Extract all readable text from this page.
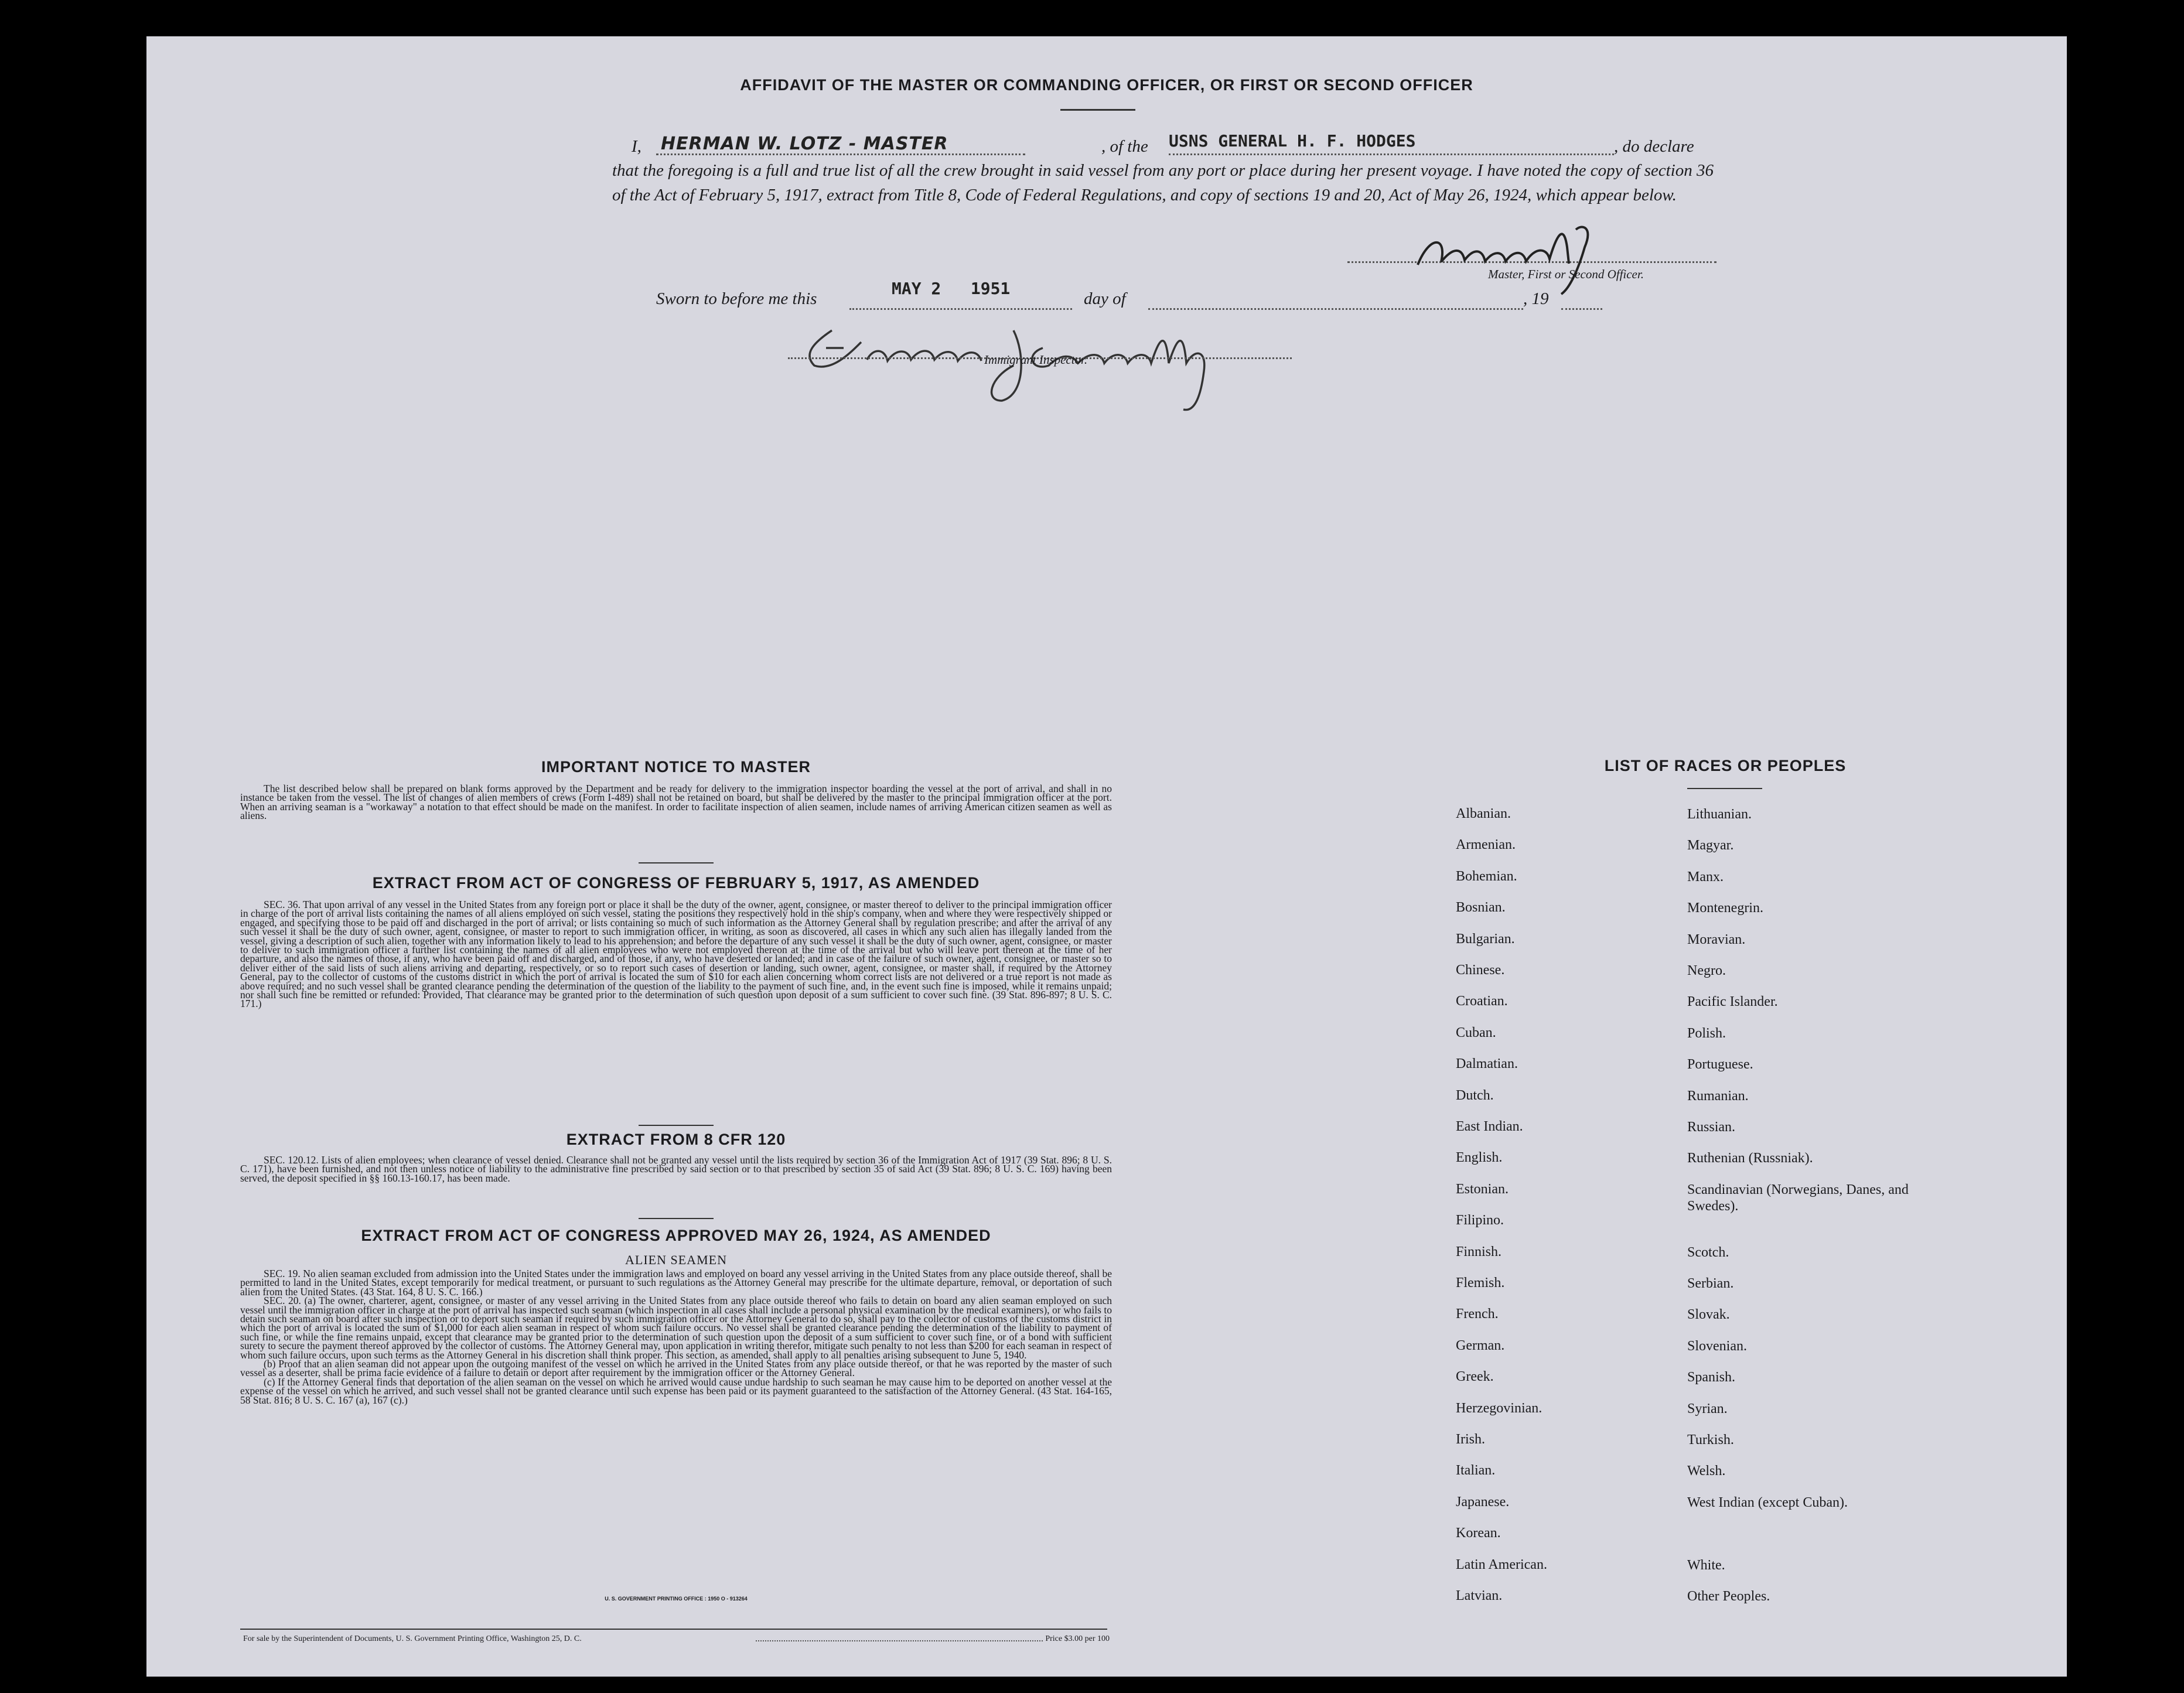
AFFIDAVIT OF THE MASTER OR COMMANDING OFFICER, OR FIRST OR SECOND OFFICER
I, HERMAN W. LOTZ - MASTER	, of the USNS GENERAL H. F. HODGES	, do declare
that the foregoing is a full and true list of all the crew brought in said vessel from any port or place during her present voyage. I have noted the copy of section 36 of the Act of February 5, 1917, extract from Title 8, Code of Federal Regulations, and copy of sections 19 and 20, Act of May 26, 1924, which appear below.
Master, First or Second Officer.
Sworn to before me this
MAY 2   1951
day of	, 19
Immigrant Inspector.
IMPORTANT NOTICE TO MASTER
The list described below shall be prepared on blank forms approved by the Department and be ready for delivery to the immigration inspector boarding the vessel at the port of arrival, and shall in no instance be taken from the vessel. The list of changes of alien members of crews (Form I-489) shall not be retained on board, but shall be delivered by the master to the principal immigration officer at the port. When an arriving seaman is a "workaway" a notation to that effect should be made on the manifest. In order to facilitate inspection of alien seamen, include names of arriving American citizen seamen as well as aliens.
EXTRACT FROM ACT OF CONGRESS OF FEBRUARY 5, 1917, AS AMENDED
SEC. 36. That upon arrival of any vessel in the United States from any foreign port or place it shall be the duty of the owner, agent, consignee, or master thereof to deliver to the principal immigration officer in charge of the port of arrival lists containing the names of all aliens employed on such vessel, stating the positions they respectively hold in the ship's company, when and where they were respectively shipped or engaged, and specifying those to be paid off and discharged in the port of arrival; or lists containing so much of such information as the Attorney General shall by regulation prescribe; and after the arrival of any such vessel it shall be the duty of such owner, agent, consignee, or master to report to such immigration officer, in writing, as soon as discovered, all cases in which any such alien has illegally landed from the vessel, giving a description of such alien, together with any information likely to lead to his apprehension; and before the departure of any such vessel it shall be the duty of such owner, agent, consignee, or master to deliver to such immigration officer a further list containing the names of all alien employees who were not employed thereon at the time of the arrival but who will leave port thereon at the time of her departure, and also the names of those, if any, who have been paid off and discharged, and of those, if any, who have deserted or landed; and in case of the failure of such owner, agent, consignee, or master so to deliver either of the said lists of such aliens arriving and departing, respectively, or so to report such cases of desertion or landing, such owner, agent, consignee, or master shall, if required by the Attorney General, pay to the collector of customs of the customs district in which the port of arrival is located the sum of $10 for each alien concerning whom correct lists are not delivered or a true report is not made as above required; and no such vessel shall be granted clearance pending the determination of the question of the liability to the payment of such fine, and, in the event such fine is imposed, while it remains unpaid; nor shall such fine be remitted or refunded: Provided, That clearance may be granted prior to the determination of such question upon deposit of a sum sufficient to cover such fine. (39 Stat. 896-897; 8 U. S. C. 171.)
EXTRACT FROM 8 CFR 120
SEC. 120.12. Lists of alien employees; when clearance of vessel denied. Clearance shall not be granted any vessel until the lists required by section 36 of the Immigration Act of 1917 (39 Stat. 896; 8 U. S. C. 171), have been furnished, and not then unless notice of liability to the administrative fine prescribed by said section or to that prescribed by section 35 of said Act (39 Stat. 896; 8 U. S. C. 169) having been served, the deposit specified in §§ 160.13-160.17, has been made.
EXTRACT FROM ACT OF CONGRESS APPROVED MAY 26, 1924, AS AMENDED
ALIEN SEAMEN

SEC. 19. No alien seaman excluded from admission into the United States under the immigration laws and employed on board any vessel arriving in the United States from any place outside thereof, shall be permitted to land in the United States, except temporarily for medical treatment, or pursuant to such regulations as the Attorney General may prescribe for the ultimate departure, removal, or deportation of such alien from the United States. (43 Stat. 164, 8 U. S. C. 166.)

SEC. 20. (a) The owner, charterer, agent, consignee, or master of any vessel arriving in the United States from any place outside thereof who fails to detain on board any alien seaman employed on such vessel until the immigration officer in charge at the port of arrival has inspected such seaman (which inspection in all cases shall include a personal physical examination by the medical examiners), or who fails to detain such seaman on board after such inspection or to deport such seaman if required by such immigration officer or the Attorney General to do so, shall pay to the collector of customs of the customs district in which the port of arrival is located the sum of $1,000 for each alien seaman in respect of whom such failure occurs. No vessel shall be granted clearance pending the determination of the liability to payment of such fine, or while the fine remains unpaid, except that clearance may be granted prior to the determination of such question upon the deposit of a sum sufficient to cover such fine, or of a bond with sufficient surety to secure the payment thereof approved by the collector of customs. The Attorney General may, upon application in writing therefor, mitigate such penalty to not less than $200 for each seaman in respect of whom such failure occurs, upon such terms as the Attorney General in his discretion shall think proper. This section, as amended, shall apply to all penalties arising subsequent to June 5, 1940.

(b) Proof that an alien seaman did not appear upon the outgoing manifest of the vessel on which he arrived in the United States from any place outside thereof, or that he was reported by the master of such vessel as a deserter, shall be prima facie evidence of a failure to detain or deport after requirement by the immigration officer or the Attorney General.

(c) If the Attorney General finds that deportation of the alien seaman on the vessel on which he arrived would cause undue hardship to such seaman he may cause him to be deported on another vessel at the expense of the vessel on which he arrived, and such vessel shall not be granted clearance until such expense has been paid or its payment guaranteed to the satisfaction of the Attorney General. (43 Stat. 164-165, 58 Stat. 816; 8 U. S. C. 167 (a), 167 (c).)

U. S. GOVERNMENT PRINTING OFFICE : 1950 O - 913264
For sale by the Superintendent of Documents, U. S. Government Printing Office, Washington 25, D. C.	Price $3.00 per 100
LIST OF RACES OR PEOPLES
Albanian.
Armenian.
Bohemian.
Bosnian.
Bulgarian.
Chinese.
Croatian.
Cuban.
Dalmatian.
Dutch.
East Indian.
English.
Estonian.
Filipino.
Finnish.
Flemish.
French.
German.
Greek.
Herzegovinian.
Irish.
Italian.
Japanese.
Korean.
Latin American.
Latvian.
Lithuanian.
Magyar.
Manx.
Montenegrin.
Moravian.
Negro.
Pacific Islander.
Polish.
Portuguese.
Rumanian.
Russian.
Ruthenian (Russniak).
Scandinavian (Norwegians, Danes, and Swedes).
Scotch.
Serbian.
Slovak.
Slovenian.
Spanish.
Syrian.
Turkish.
Welsh.
West Indian (except Cuban).
White.
Other Peoples.
